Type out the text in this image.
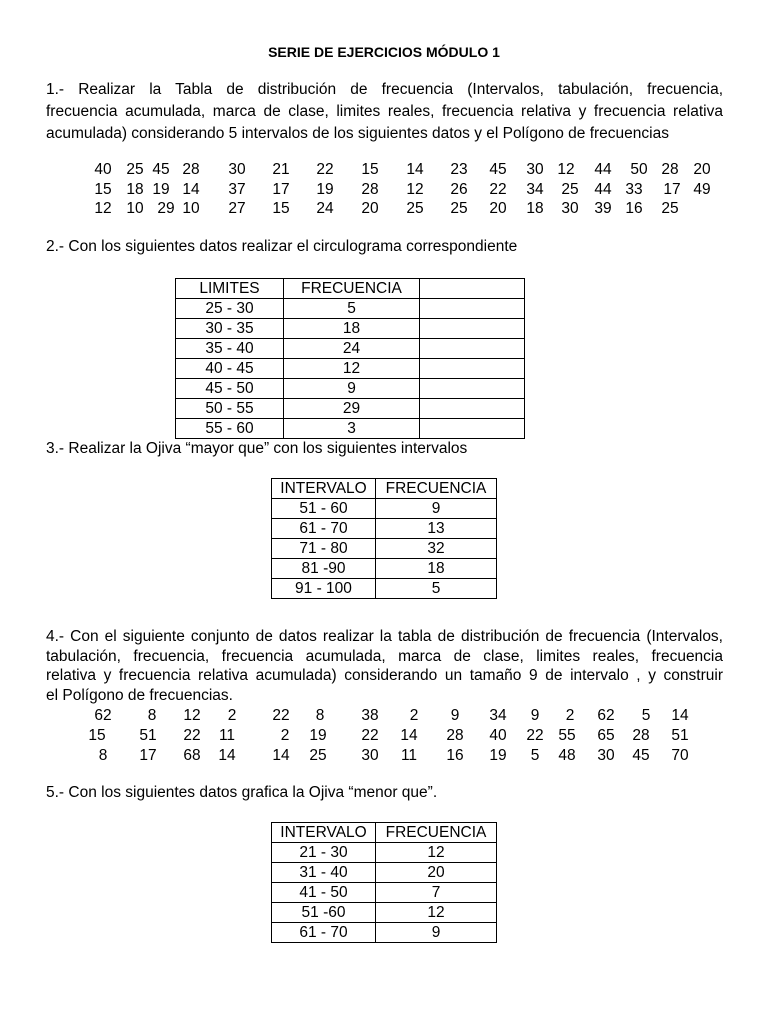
SERIE DE EJERCICIOS MÓDULO 1
1.- Realizar la Tabla de distribución de frecuencia (Intervalos, tabulación, frecuencia,
frecuencia acumulada, marca de clase, limites reales, frecuencia relativa y frecuencia relativa
acumulada) considerando 5 intervalos de los siguientes datos y el Polígono de frecuencias
40 25 45 28	30	21	22	15	14	23	45	30 12	44	50 28 20
15 18 19 14	37	17	19	28	12	26	22	34	25	44 33	17 49
12 10 29 10	27	15	24	20	25	25	20	18	30	39 16	25
2.- Con los siguientes datos realizar el circulograma correspondiente
LIMITES	FRECUENCIA	
25 - 30	5	
30 - 35	18	
35 - 40	24	
40 - 45	12	
45 - 50	9	
50 - 55	29	
55 - 60	3	
3.- Realizar la Ojiva “mayor que” con los siguientes intervalos
INTERVALO	FRECUENCIA
51 - 60	9
61 - 70	13
71 - 80	32
81 -90	18
91 - 100	5
4.- Con el siguiente conjunto de datos realizar la tabla de distribución de frecuencia (Intervalos,
tabulación, frecuencia, frecuencia acumulada, marca de clase, limites reales, frecuencia
relativa y frecuencia relativa acumulada) considerando un tamaño 9 de intervalo , y construir
el Polígono de frecuencias.
62	8	12	2	22	8	38	2	9	34	9	2	62	5	14
15	51	22	11	2	19	22	14	28	40	22 55	65	28	51
8	17	68	14	14	25	30	11	16	19	5	48	30	45	70
5.- Con los siguientes datos grafica la Ojiva “menor que”.
INTERVALO	FRECUENCIA
21 - 30	12
31 - 40	20
41 - 50	7
51 -60	12
61 - 70	9
